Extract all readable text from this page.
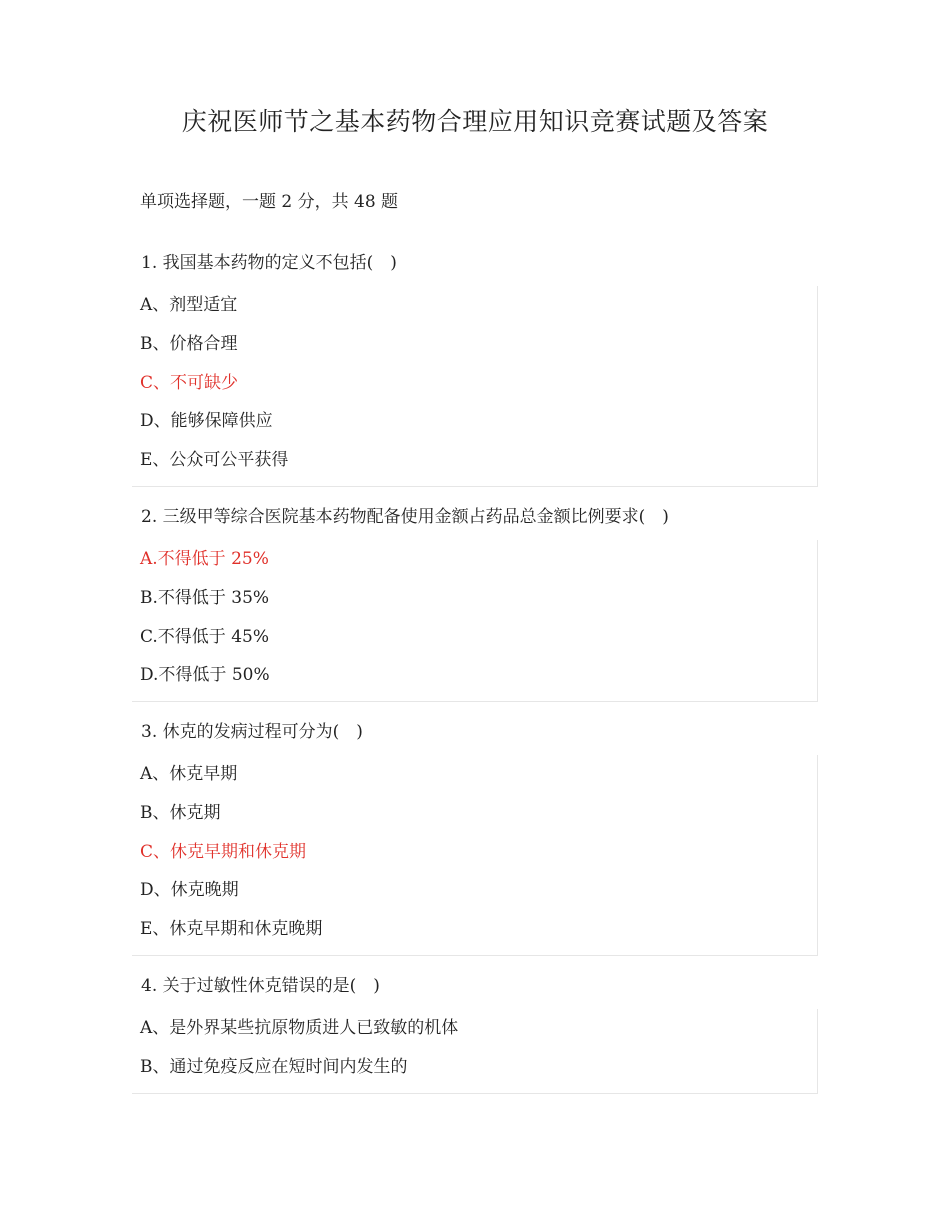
庆祝医师节之基本药物合理应用知识竞赛试题及答案
单项选择题，一题 2 分，共 48 题
1. 我国基本药物的定义不包括(　)
A、剂型适宜
B、价格合理
C、不可缺少
D、能够保障供应
E、公众可公平获得
2. 三级甲等综合医院基本药物配备使用金额占药品总金额比例要求(　)
A.不得低于 25%
B.不得低于 35%
C.不得低于 45%
D.不得低于 50%
3. 休克的发病过程可分为(　)
A、休克早期
B、休克期
C、休克早期和休克期
D、休克晚期
E、休克早期和休克晚期
4. 关于过敏性休克错误的是(　)
A、是外界某些抗原物质进人已致敏的机体
B、通过免疫反应在短时间内发生的
